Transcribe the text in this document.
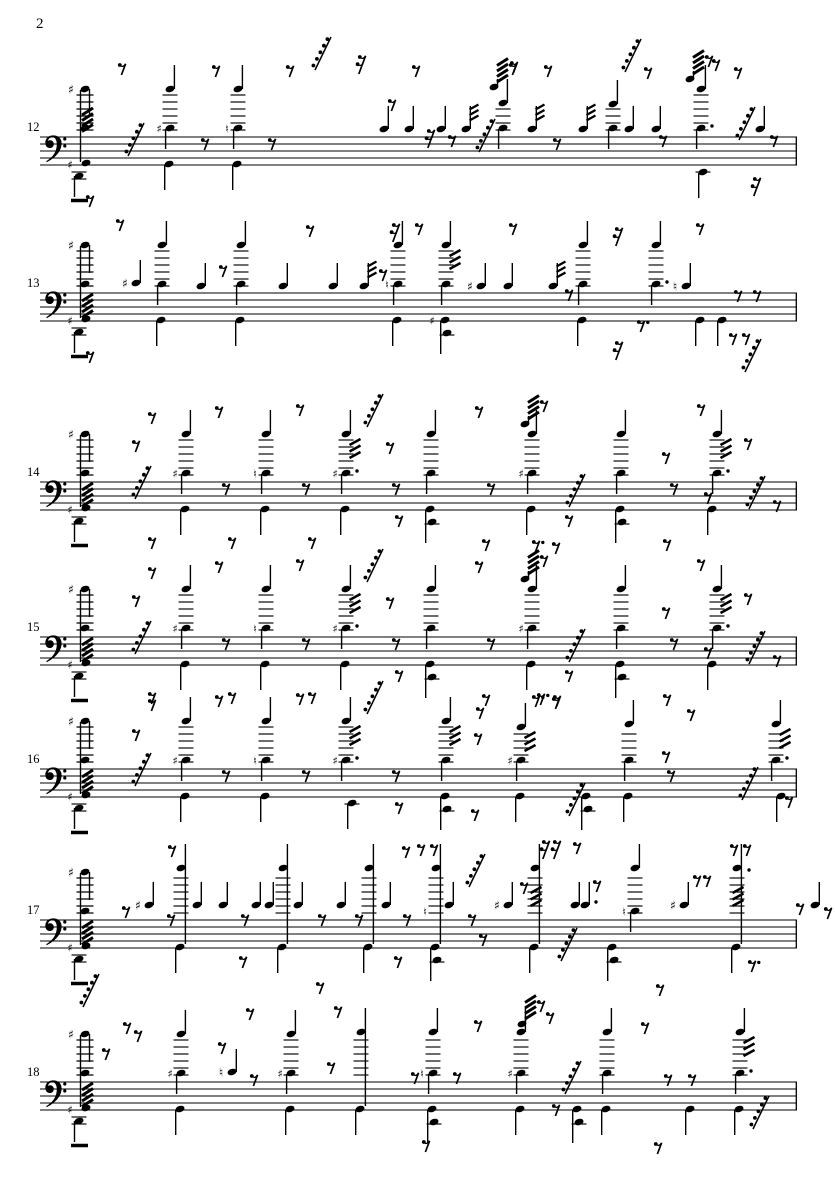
2
12
♯
♯
♯	♮
13
♯
♯
♯	♮
♯
♯	♮
14
♯
♯
♯	♮	♯	♯
15
♯
♯
♯	♮	♯	♯
16
♯
♯
♯	♮	♯	♯
17
♯
♯
♯	♮	♯	♮	♯
18
♯
♯
♯	♮	♯	♮	♯
